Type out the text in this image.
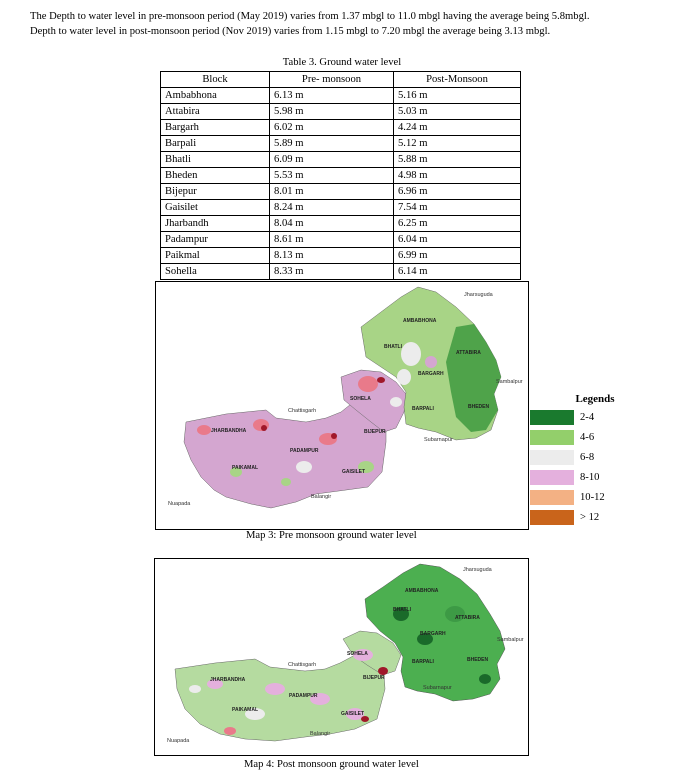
The Depth to water level in pre-monsoon period (May 2019) varies from 1.37 mbgl to 11.0 mbgl having the average being 5.8mbgl.
Depth to water level in post-monsoon period (Nov 2019) varies from 1.15 mbgl to 7.20 mbgl the average being 3.13 mbgl.
Table 3. Ground water level
Block	Pre- monsoon	Post-Monsoon
Ambabhona	6.13 m	5.16 m
Attabira	5.98 m	5.03 m
Bargarh	6.02 m	4.24 m
Barpali	5.89 m	5.12 m
Bhatli	6.09 m	5.88 m
Bheden	5.53 m	4.98 m
Bijepur	8.01 m	6.96 m
Gaisilet	8.24 m	7.54 m
Jharbandh	8.04 m	6.25 m
Padampur	8.61 m	6.04 m
Paikmal	8.13 m	6.99 m
Sohella	8.33 m	6.14 m
Jharsuguda
AMBABHONA
BHATLI
ATTABIRA
BARGARH
Sambalpur
SOHELA
BARPALI	BHEDEN
Chattisgarh
JHARBANDHA	BIJEPUR
Subarnapur
PADAMPUR
PAIKAMAL
GAISILET
Nuapada
Balangir
Map 3: Pre monsoon ground water level
Legends
2-4
4-6
6-8
8-10
10-12
> 12
Jharsuguda
AMBABHONA
BHATLI
ATTABIRA
BARGARH
Sambalpur
SOHELA
BARPALI	BHEDEN
Chattisgarh
JHARBANDHA	BIJEPUR
Subarnapur
PADAMPUR
PAIKAMAL
GAISILET
Nuapada
Balangir
Map 4: Post monsoon ground water level
